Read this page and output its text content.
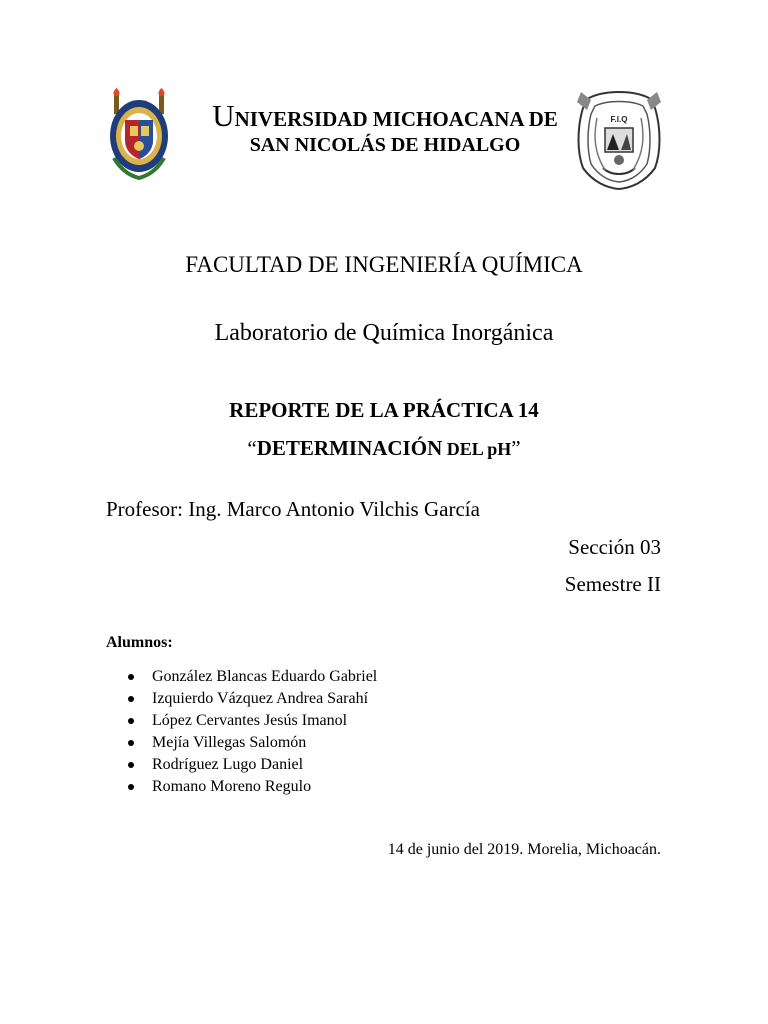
UNIVERSIDAD MICHOACANA DE
SAN NICOLÁS DE HIDALGO
F.I.Q
FACULTAD DE INGENIERÍA QUÍMICA
Laboratorio de Química Inorgánica
REPORTE DE LA PRÁCTICA 14
“DETERMINACIÓN DEL pH”
Profesor: Ing. Marco Antonio Vilchis García
Sección 03
Semestre II
Alumnos:
González Blancas Eduardo Gabriel
Izquierdo Vázquez Andrea Sarahí
López Cervantes Jesús Imanol
Mejía Villegas Salomón
Rodríguez Lugo Daniel
Romano Moreno Regulo
14 de junio del 2019. Morelia, Michoacán.
